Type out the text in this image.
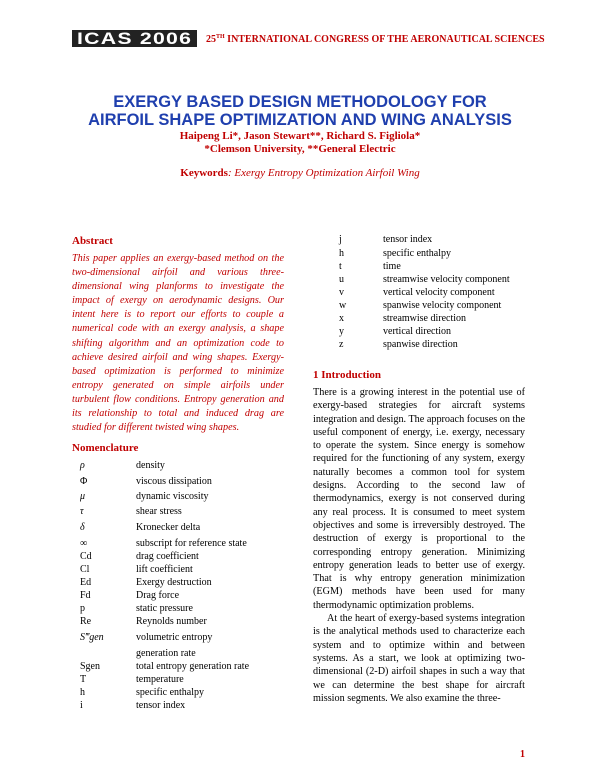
ICAS 2006	25TH INTERNATIONAL CONGRESS OF THE AERONAUTICAL SCIENCES
EXERGY BASED DESIGN METHODOLOGY FOR
AIRFOIL SHAPE OPTIMIZATION AND WING ANALYSIS
Haipeng Li*, Jason Stewart**, Richard S. Figliola*
*Clemson University, **General Electric
Keywords: Exergy Entropy Optimization Airfoil Wing
Abstract
This paper applies an exergy-based method on the two-dimensional airfoil and various three-dimensional wing planforms to investigate the impact of exergy on aerodynamic designs. Our intent here is to report our efforts to couple a numerical code with an exergy analysis, a shape shifting algorithm and an optimization code to achieve desired airfoil and wing shapes. Exergy-based optimization is performed to minimize entropy generated on simple airfoils under turbulent flow conditions. Entropy generation and its relationship to total and induced drag are studied for different twisted wing shapes.
Nomenclature
ρ	density
Φ	viscous dissipation
μ	dynamic viscosity
τ	shear stress
δ	Kronecker delta
∞	subscript for reference state
Cd	drag coefficient
Cl	lift coefficient
Ed	Exergy destruction
Fd	Drag force
p	static pressure
Re	Reynolds number
S‴gen	volumetric entropy
generation rate
Sgen	total entropy generation rate
T	temperature
h	specific enthalpy
i	tensor index
j	tensor index
h	specific enthalpy
t	time
u	streamwise velocity component
v	vertical velocity component
w	spanwise velocity component
x	streamwise direction
y	vertical direction
z	spanwise direction
1 Introduction

There is a growing interest in the potential use of exergy-based strategies for aircraft systems integration and design. The approach focuses on the useful component of energy, i.e. exergy, necessary to operate the system. Since energy is somehow required for the functioning of any system, exergy naturally becomes a common tool for system designs. According to the second law of thermodynamics, exergy is not conserved during any real process. It is consumed to meet system objectives and some is irreversibly destroyed. The destruction of exergy is proportional to the corresponding entropy generation. Minimizing entropy generation leads to better use of exergy. That is why entropy generation minimization (EGM) methods have been used for many thermodynamic optimization problems.

At the heart of exergy-based systems integration is the analytical methods used to characterize each system and to optimize within and between systems. As a start, we look at optimizing two-dimensional (2-D) airfoil shapes in such a way that we can determine the best shape for aircraft mission segments. We also examine the three-

1
